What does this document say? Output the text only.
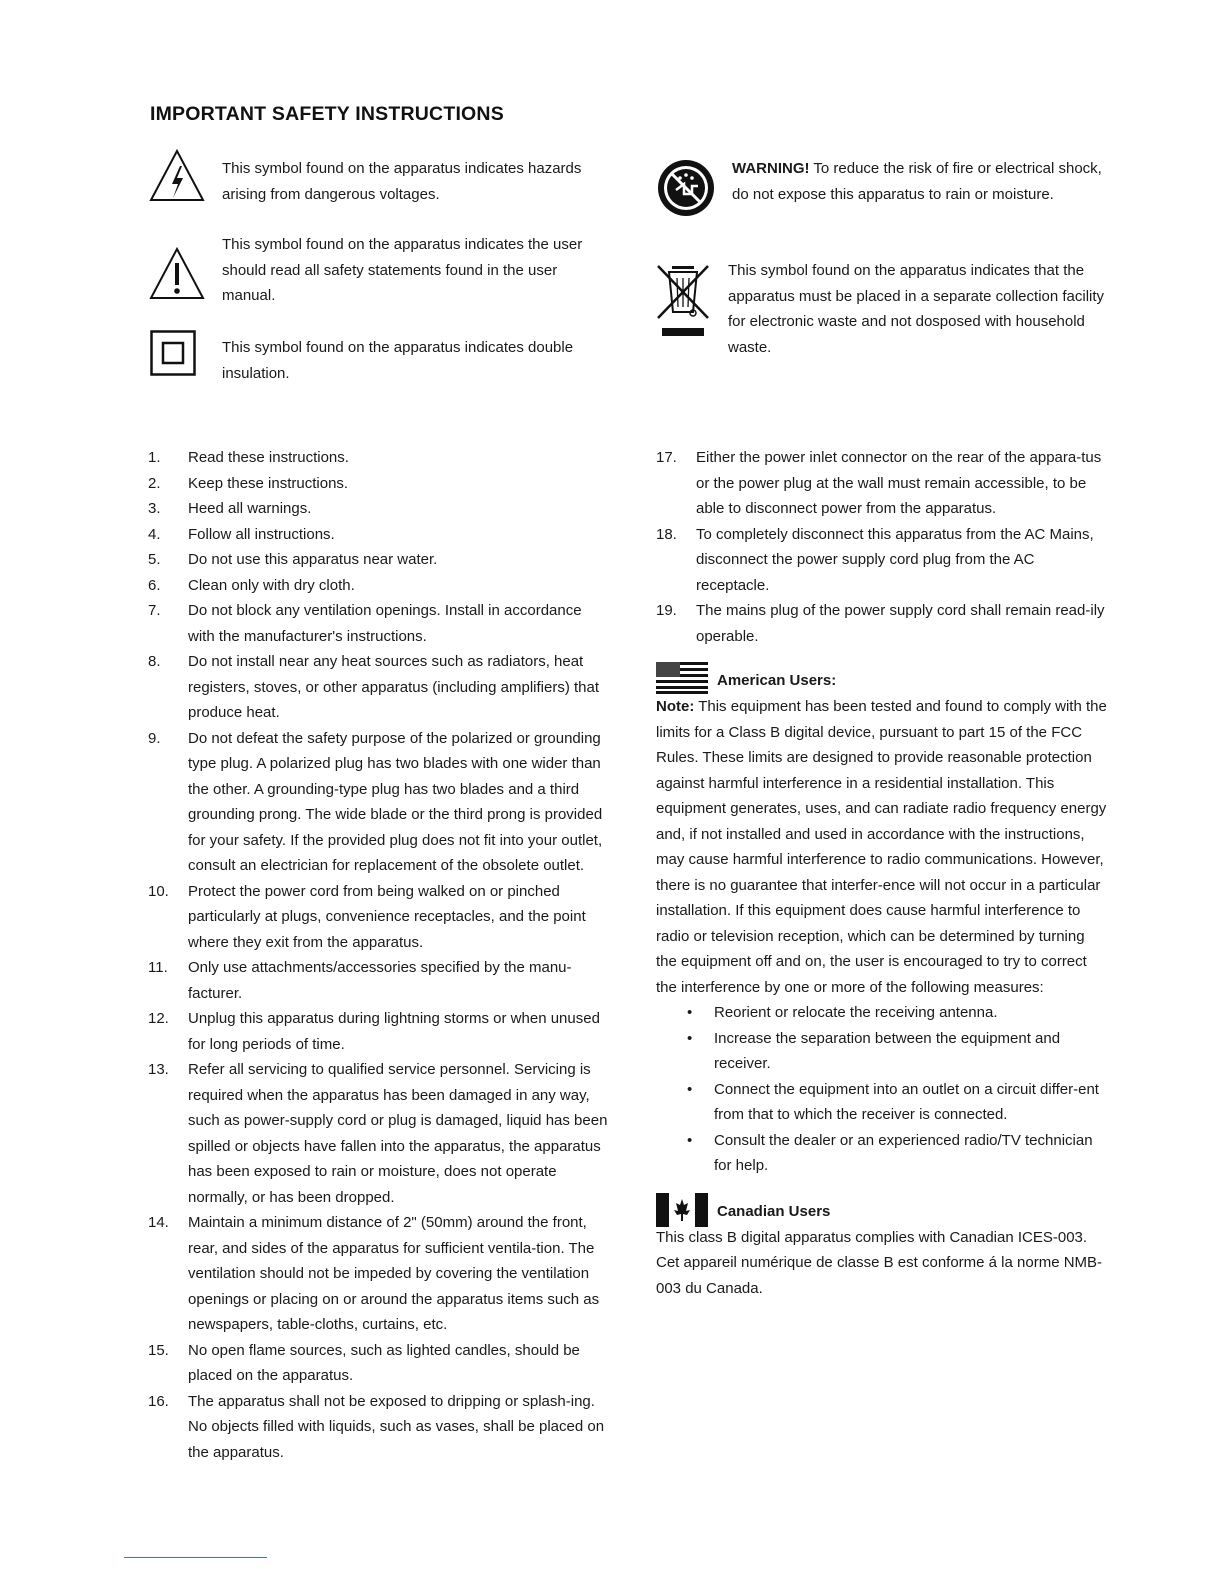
IMPORTANT SAFETY INSTRUCTIONS
This symbol found on the apparatus indicates hazards arising from dangerous voltages.
This symbol found on the apparatus indicates the user should read all safety statements found in the user manual.
This symbol found on the apparatus indicates double insulation.
WARNING! To reduce the risk of fire or electrical shock, do not expose this apparatus to rain or moisture.
This symbol found on the apparatus indicates that the apparatus must be placed in a separate collection facility for electronic waste and not dosposed with household waste.
1.	Read these instructions.
2.	Keep these instructions.
3.	Heed all warnings.
4.	Follow all instructions.
5.	Do not use this apparatus near water.
6.	Clean only with dry cloth.
7.	Do not block any ventilation openings. Install in accordance with the manufacturer's instructions.
8.	Do not install near any heat sources such as radiators, heat registers, stoves, or other apparatus (including amplifiers) that produce heat.
9.	Do not defeat the safety purpose of the polarized or grounding type plug. A polarized plug has two blades with one wider than the other. A grounding-type plug has two blades and a third grounding prong. The wide blade or the third prong is provided for your safety. If the provided plug does not fit into your outlet, consult an electrician for replacement of the obsolete outlet.
10.	Protect the power cord from being walked on or pinched particularly at plugs, convenience receptacles, and the point where they exit from the apparatus.
11.	Only use attachments/accessories specified by the manu-facturer.
12.	Unplug this apparatus during lightning storms or when unused for long periods of time.
13.	Refer all servicing to qualified service personnel. Servicing is required when the apparatus has been damaged in any way, such as power-supply cord or plug is damaged, liquid has been spilled or objects have fallen into the apparatus, the apparatus has been exposed to rain or moisture, does not operate normally, or has been dropped.
14.	Maintain a minimum distance of 2" (50mm) around the front, rear, and sides of the apparatus for sufficient ventila-tion. The ventilation should not be impeded by covering the ventilation openings or placing on or around the apparatus items such as newspapers, table-cloths, curtains, etc.
15.	No open flame sources, such as lighted candles, should be placed on the apparatus.
16.	The apparatus shall not be exposed to dripping or splash-ing. No objects filled with liquids, such as vases, shall be placed on the apparatus.
17.	Either the power inlet connector on the rear of the appara-tus or the power plug at the wall must remain accessible, to be able to disconnect power from the apparatus.
18.	To completely disconnect this apparatus from the AC Mains, disconnect the power supply cord plug from the AC receptacle.
19.	The mains plug of the power supply cord shall remain read-ily operable.
American Users:

Note: This equipment has been tested and found to comply with the limits for a Class B digital device, pursuant to part 15 of the FCC Rules. These limits are designed to provide reasonable protection against harmful interference in a residential installation. This equipment generates, uses, and can radiate radio frequency energy and, if not installed and used in accordance with the instructions, may cause harmful interference to radio communications. However, there is no guarantee that interfer-ence will not occur in a particular installation. If this equipment does cause harmful interference to radio or television reception, which can be determined by turning the equipment off and on, the user is encouraged to try to correct the interference by one or more of the following measures:

• Reorient or relocate the receiving antenna.
• Increase the separation between the equipment and receiver.
• Connect the equipment into an outlet on a circuit differ-ent from that to which the receiver is connected.
• Consult the dealer or an experienced radio/TV technician for help.
Canadian Users

This class B digital apparatus complies with Canadian ICES-003.

Cet appareil numérique de classe B est conforme á la norme NMB-003 du Canada.
